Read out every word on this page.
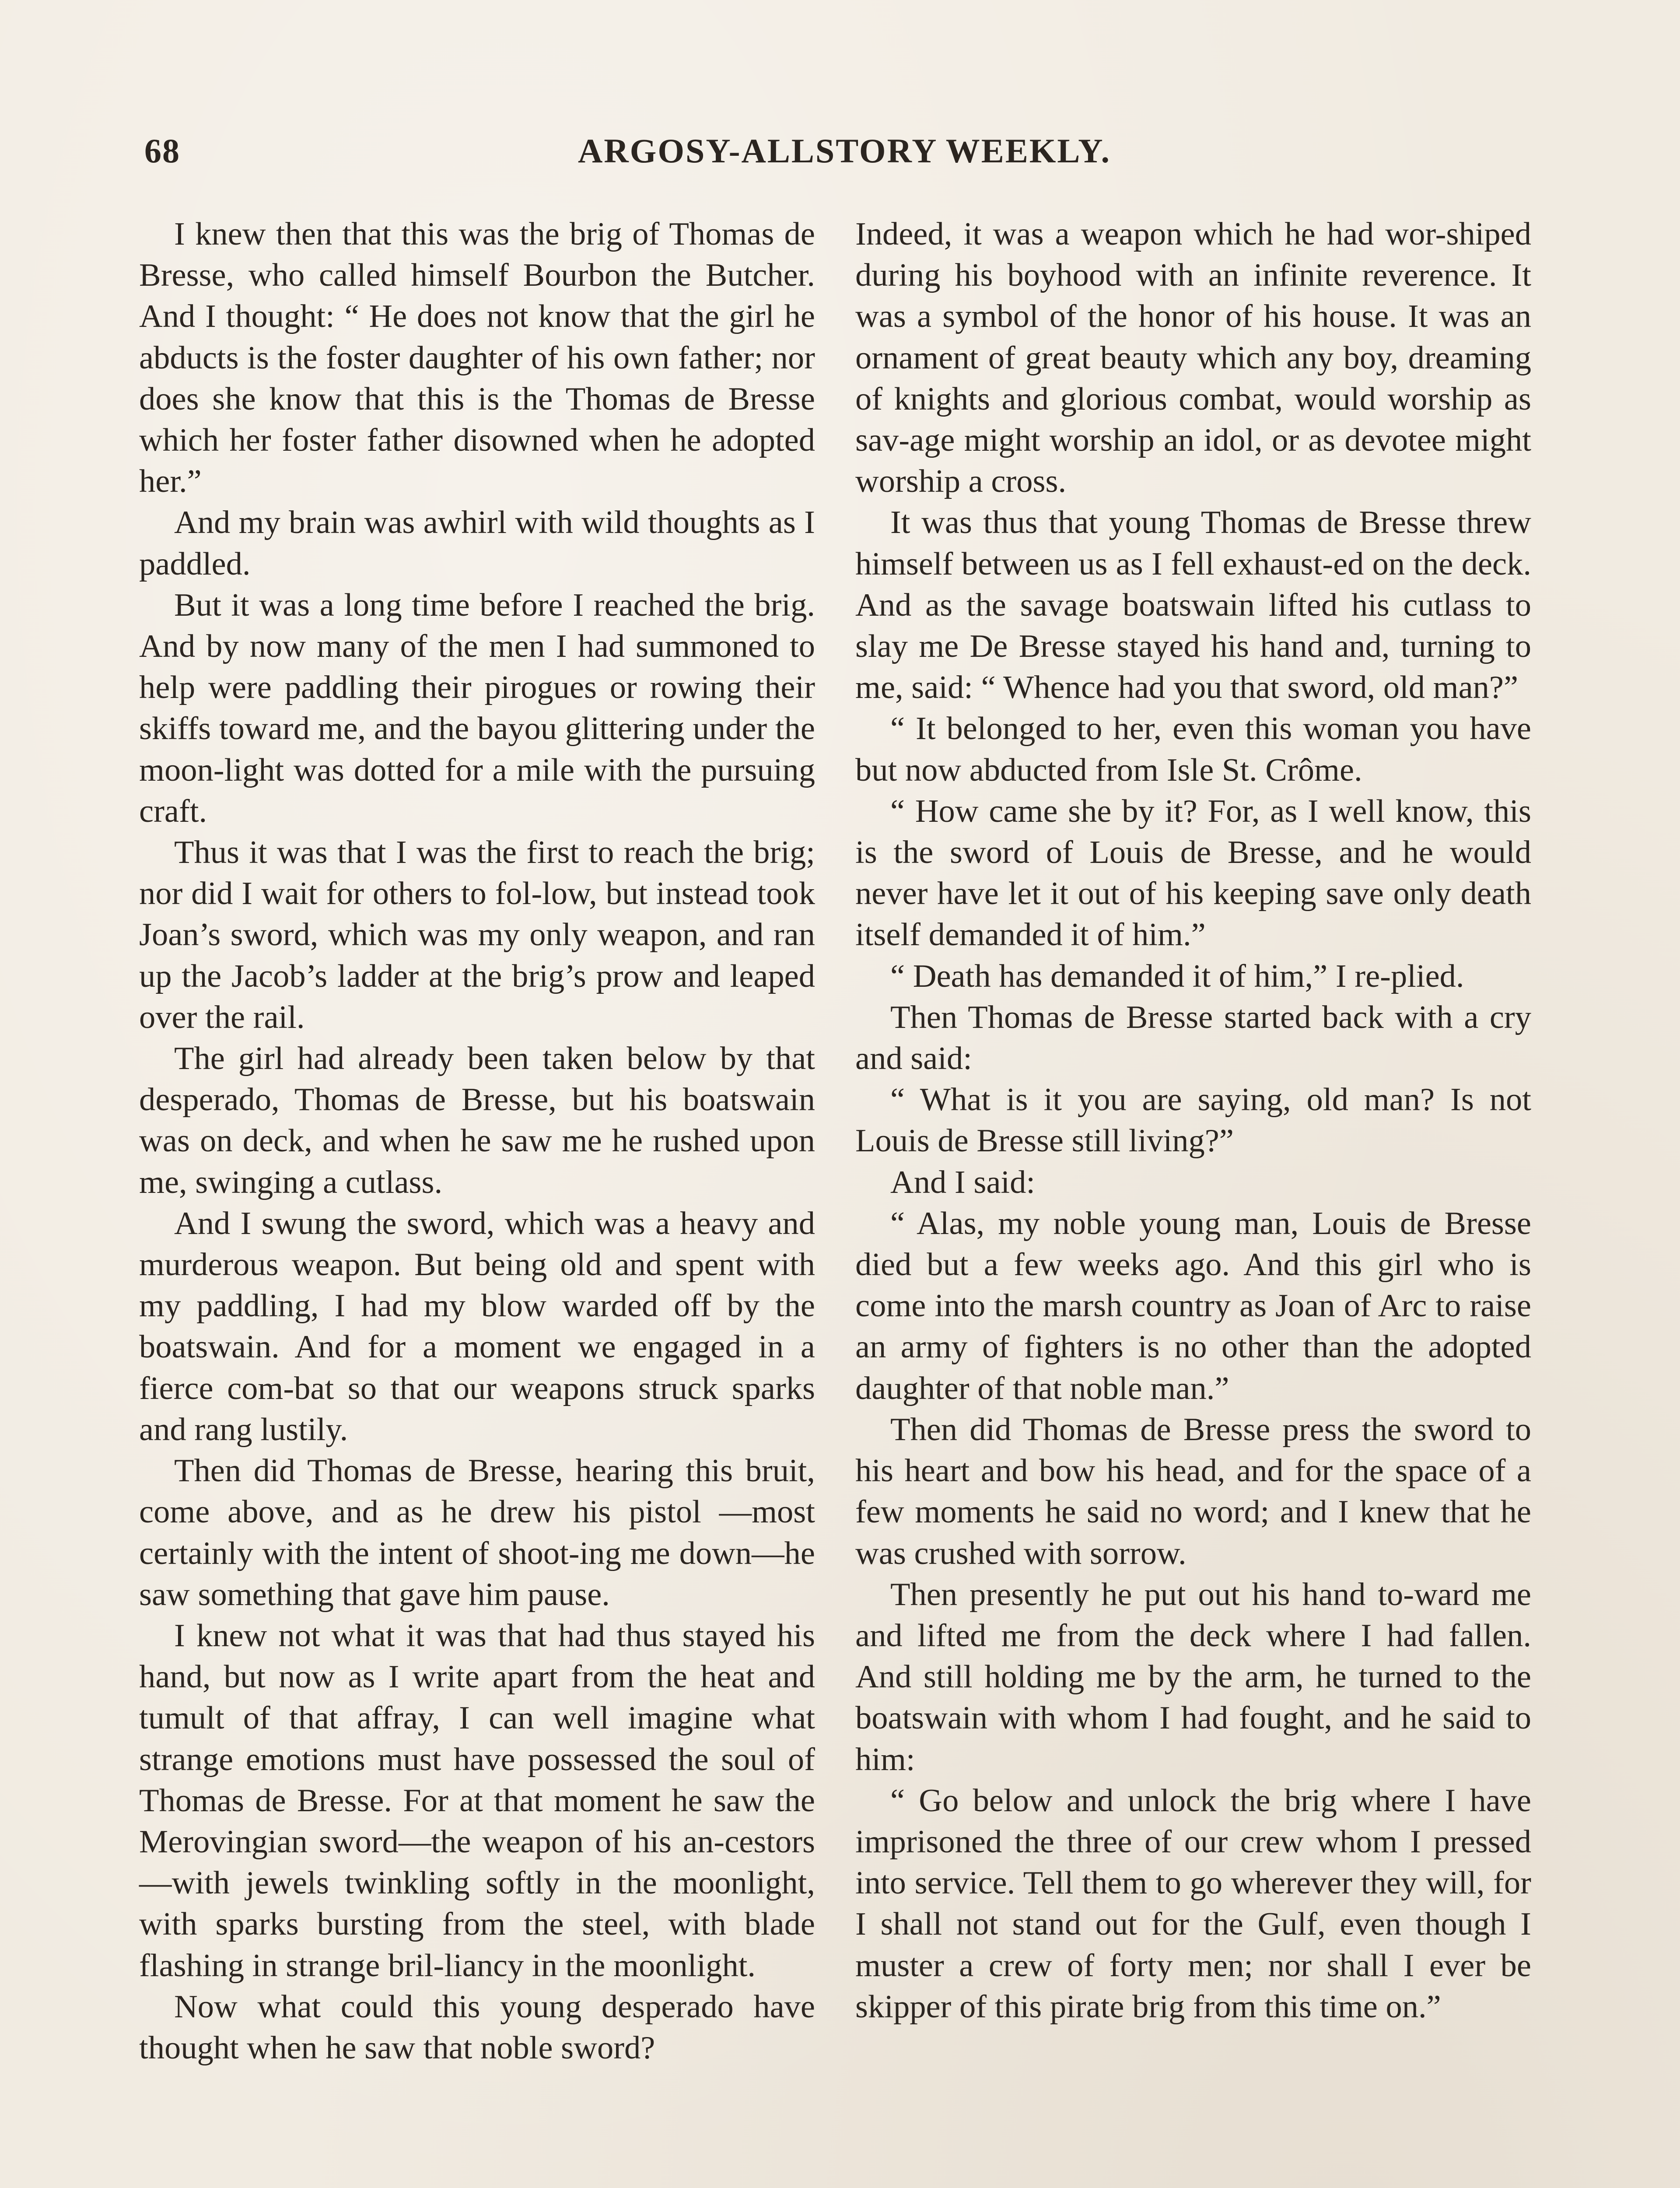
68	ARGOSY-ALLSTORY WEEKLY.

I knew then that this was the brig of Thomas de Bresse, who called himself Bourbon the Butcher. And I thought: “ He does not know that the girl he abducts is the foster daughter of his own father; nor does she know that this is the Thomas de Bresse which her foster father disowned when he adopted her.”

And my brain was awhirl with wild thoughts as I paddled.

But it was a long time before I reached the brig. And by now many of the men I had summoned to help were paddling their pirogues or rowing their skiffs toward me, and the bayou glittering under the moon-light was dotted for a mile with the pursuing craft.

Thus it was that I was the first to reach the brig; nor did I wait for others to fol-low, but instead took Joan’s sword, which was my only weapon, and ran up the Jacob’s ladder at the brig’s prow and leaped over the rail.

The girl had already been taken below by that desperado, Thomas de Bresse, but his boatswain was on deck, and when he saw me he rushed upon me, swinging a cutlass.

And I swung the sword, which was a heavy and murderous weapon. But being old and spent with my paddling, I had my blow warded off by the boatswain. And for a moment we engaged in a fierce com-bat so that our weapons struck sparks and rang lustily.

Then did Thomas de Bresse, hearing this bruit, come above, and as he drew his pistol —most certainly with the intent of shoot-ing me down—he saw something that gave him pause.

I knew not what it was that had thus stayed his hand, but now as I write apart from the heat and tumult of that affray, I can well imagine what strange emotions must have possessed the soul of Thomas de Bresse. For at that moment he saw the Merovingian sword—the weapon of his an-cestors—with jewels twinkling softly in the moonlight, with sparks bursting from the steel, with blade flashing in strange bril-liancy in the moonlight.

Now what could this young desperado have thought when he saw that noble sword?

Indeed, it was a weapon which he had wor-shiped during his boyhood with an infinite reverence. It was a symbol of the honor of his house. It was an ornament of great beauty which any boy, dreaming of knights and glorious combat, would worship as sav-age might worship an idol, or as devotee might worship a cross.

It was thus that young Thomas de Bresse threw himself between us as I fell exhaust-ed on the deck. And as the savage boatswain lifted his cutlass to slay me De Bresse stayed his hand and, turning to me, said: “ Whence had you that sword, old man?”

“ It belonged to her, even this woman you have but now abducted from Isle St. Crôme.

“ How came she by it? For, as I well know, this is the sword of Louis de Bresse, and he would never have let it out of his keeping save only death itself demanded it of him.”

“ Death has demanded it of him,” I re-plied.

Then Thomas de Bresse started back with a cry and said:

“ What is it you are saying, old man? Is not Louis de Bresse still living?”

And I said:

“ Alas, my noble young man, Louis de Bresse died but a few weeks ago. And this girl who is come into the marsh country as Joan of Arc to raise an army of fighters is no other than the adopted daughter of that noble man.”

Then did Thomas de Bresse press the sword to his heart and bow his head, and for the space of a few moments he said no word; and I knew that he was crushed with sorrow.

Then presently he put out his hand to-ward me and lifted me from the deck where I had fallen. And still holding me by the arm, he turned to the boatswain with whom I had fought, and he said to him:

“ Go below and unlock the brig where I have imprisoned the three of our crew whom I pressed into service. Tell them to go wherever they will, for I shall not stand out for the Gulf, even though I muster a crew of forty men; nor shall I ever be skipper of this pirate brig from this time on.”
